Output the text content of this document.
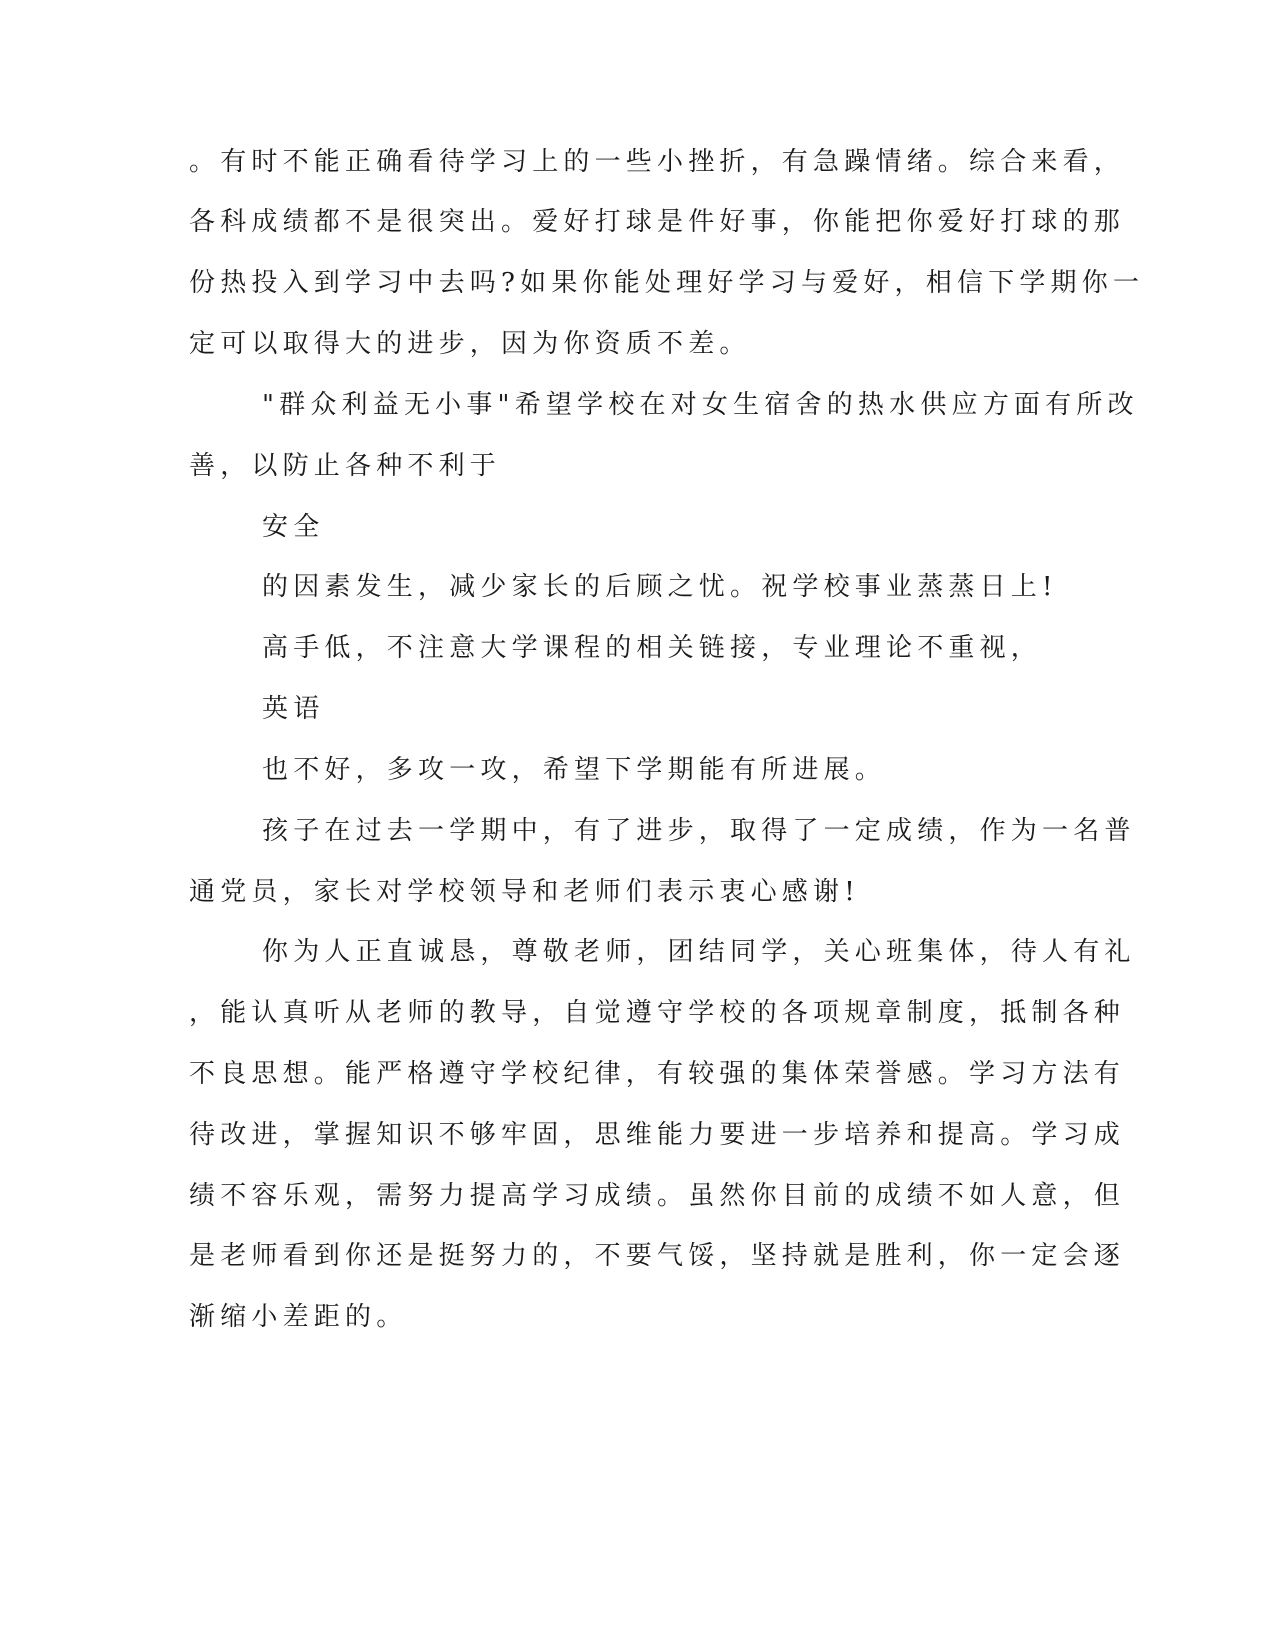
。有时不能正确看待学习上的一些小挫折，有急躁情绪。综合来看，
各科成绩都不是很突出。爱好打球是件好事，你能把你爱好打球的那
份热投入到学习中去吗?如果你能处理好学习与爱好，相信下学期你一
定可以取得大的进步，因为你资质不差。
"群众利益无小事"希望学校在对女生宿舍的热水供应方面有所改
善，以防止各种不利于
安全
的因素发生，减少家长的后顾之忧。祝学校事业蒸蒸日上!
高手低，不注意大学课程的相关链接，专业理论不重视，
英语
也不好，多攻一攻，希望下学期能有所进展。
孩子在过去一学期中，有了进步，取得了一定成绩，作为一名普
通党员，家长对学校领导和老师们表示衷心感谢!
你为人正直诚恳，尊敬老师，团结同学，关心班集体，待人有礼
，能认真听从老师的教导，自觉遵守学校的各项规章制度，抵制各种
不良思想。能严格遵守学校纪律，有较强的集体荣誉感。学习方法有
待改进，掌握知识不够牢固，思维能力要进一步培养和提高。学习成
绩不容乐观，需努力提高学习成绩。虽然你目前的成绩不如人意，但
是老师看到你还是挺努力的，不要气馁，坚持就是胜利，你一定会逐
渐缩小差距的。
